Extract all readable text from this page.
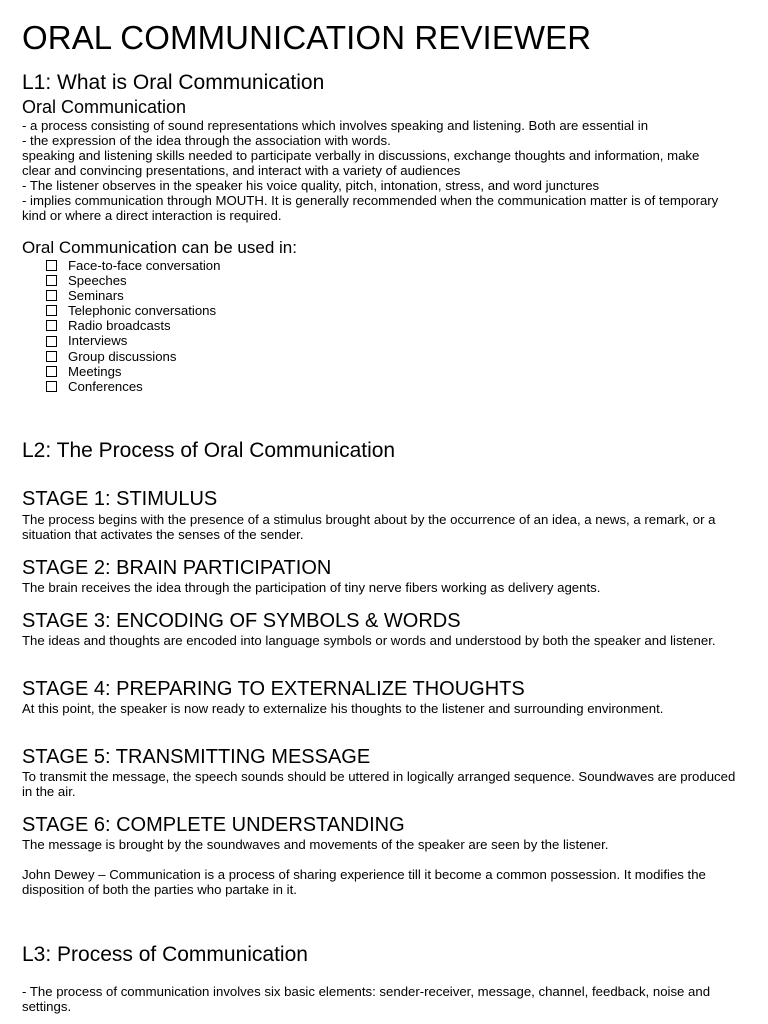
ORAL COMMUNICATION REVIEWER
L1: What is Oral Communication
Oral Communication

- a process consisting of sound representations which involves speaking and listening. Both are essential in

- the expression of the idea through the association with words.

speaking and listening skills needed to participate verbally in discussions, exchange thoughts and information, make clear and convincing presentations, and interact with a variety of audiences

- The listener observes in the speaker his voice quality, pitch, intonation, stress, and word junctures

- implies communication through MOUTH. It is generally recommended when the communication matter is of temporary kind or where a direct interaction is required.

Oral Communication can be used in:
Face-to-face conversation
Speeches
Seminars
Telephonic conversations
Radio broadcasts
Interviews
Group discussions
Meetings
Conferences
L2: The Process of Oral Communication
STAGE 1: STIMULUS

The process begins with the presence of a stimulus brought about by the occurrence of an idea, a news, a remark, or a situation that activates the senses of the sender.

STAGE 2: BRAIN PARTICIPATION

The brain receives the idea through the participation of tiny nerve fibers working as delivery agents.

STAGE 3: ENCODING OF SYMBOLS & WORDS

The ideas and thoughts are encoded into language symbols or words and understood by both the speaker and listener.

STAGE 4: PREPARING TO EXTERNALIZE THOUGHTS

At this point, the speaker is now ready to externalize his thoughts to the listener and surrounding environment.

STAGE 5: TRANSMITTING MESSAGE

To transmit the message, the speech sounds should be uttered in logically arranged sequence. Soundwaves are produced in the air.

STAGE 6: COMPLETE UNDERSTANDING

The message is brought by the soundwaves and movements of the speaker are seen by the listener.

John Dewey – Communication is a process of sharing experience till it become a common possession. It modifies the disposition of both the parties who partake in it.

L3: Process of Communication

- The process of communication involves six basic elements: sender-receiver, message, channel, feedback, noise and settings.
